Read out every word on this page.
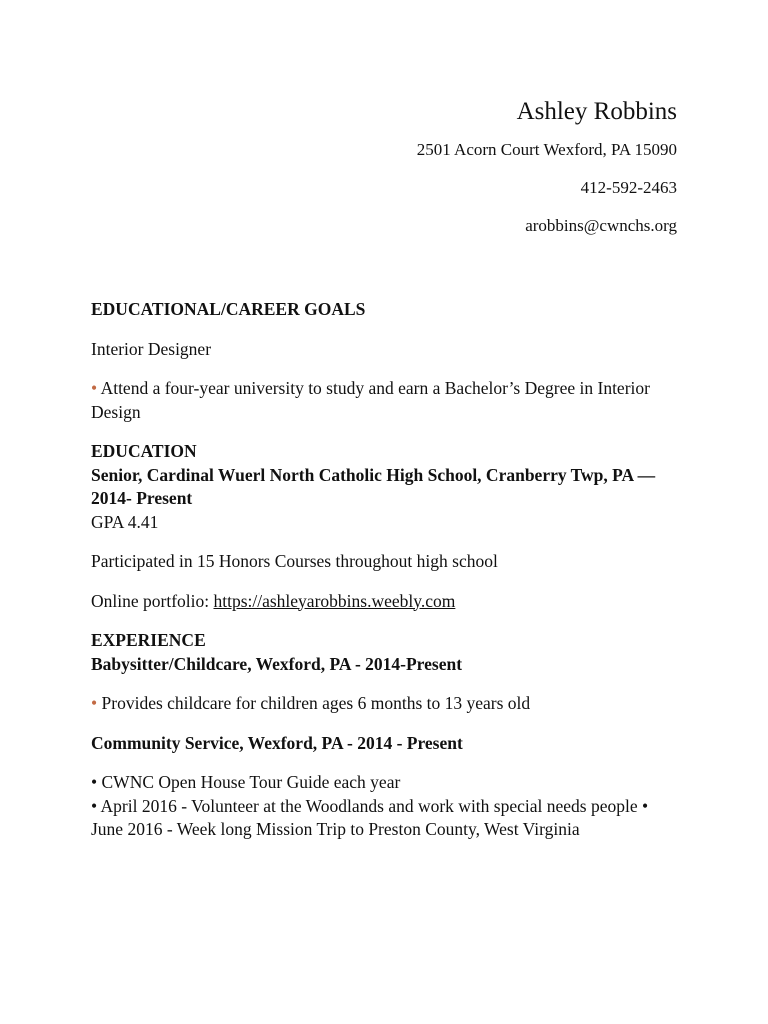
Ashley Robbins
2501 Acorn Court Wexford, PA 15090
412-592-2463
arobbins@cwnchs.org
EDUCATIONAL/CAREER GOALS
Interior Designer
• Attend a four-year university to study and earn a Bachelor’s Degree in Interior Design
EDUCATION
Senior, Cardinal Wuerl North Catholic High School, Cranberry Twp, PA — 2014- Present
GPA 4.41
Participated in 15 Honors Courses throughout high school
Online portfolio: https://ashleyarobbins.weebly.com
EXPERIENCE
Babysitter/Childcare, Wexford, PA - 2014-Present
• Provides childcare for children ages 6 months to 13 years old
Community Service, Wexford, PA - 2014 - Present
• CWNC Open House Tour Guide each year
• April 2016 - Volunteer at the Woodlands and work with special needs people • June 2016 - Week long Mission Trip to Preston County, West Virginia
